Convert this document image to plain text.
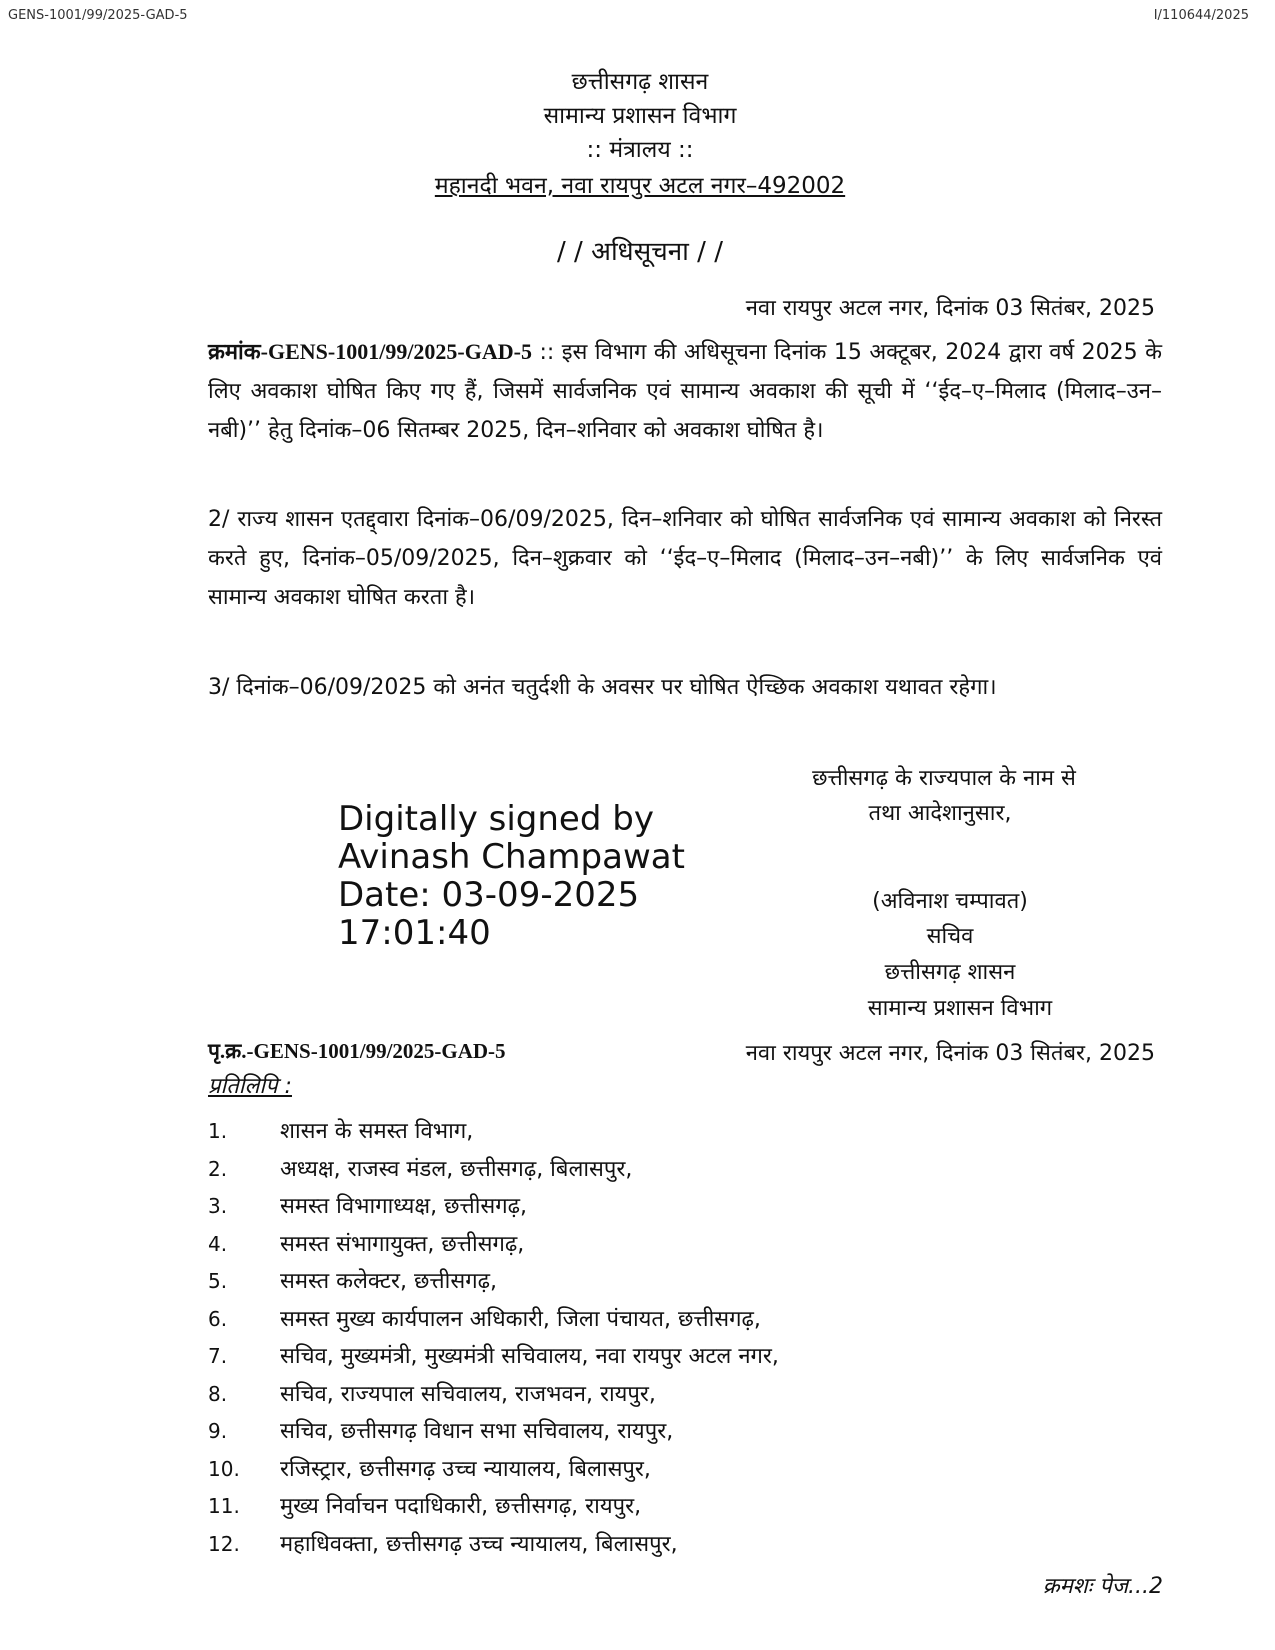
GENS-1001/99/2025-GAD-5	I/110644/2025
छत्तीसगढ़ शासन
सामान्य प्रशासन विभाग
:: मंत्रालय ::
महानदी भवन, नवा रायपुर अटल नगर–492002
/ / अधिसूचना / /
नवा रायपुर अटल नगर, दिनांक 03 सितंबर, 2025
क्रमांक-GENS-1001/99/2025-GAD-5 :: इस विभाग की अधिसूचना दिनांक 15 अक्टूबर, 2024 द्वारा वर्ष 2025 के लिए अवकाश घोषित किए गए हैं, जिसमें सार्वजनिक एवं सामान्य अवकाश की सूची में ‘‘ईद–ए–मिलाद (मिलाद–उन–नबी)’’ हेतु दिनांक–06 सितम्बर 2025, दिन–शनिवार को अवकाश घोषित है।
2/ राज्य शासन एतद्द्वारा दिनांक–06/09/2025, दिन–शनिवार को घोषित सार्वजनिक एवं सामान्य अवकाश को निरस्त करते हुए, दिनांक–05/09/2025, दिन–शुक्रवार को ‘‘ईद–ए–मिलाद (मिलाद–उन–नबी)’’ के लिए सार्वजनिक एवं सामान्य अवकाश घोषित करता है।
3/ दिनांक–06/09/2025 को अनंत चतुर्दशी के अवसर पर घोषित ऐच्छिक अवकाश यथावत रहेगा।
छत्तीसगढ़ के राज्यपाल के नाम से
तथा आदेशानुसार,
Digitally signed by
Avinash Champawat
Date: 03-09-2025
17:01:40
(अविनाश चम्पावत)
सचिव
छत्तीसगढ़ शासन
सामान्य प्रशासन विभाग
पृ.क्र.-GENS-1001/99/2025-GAD-5	नवा रायपुर अटल नगर, दिनांक 03 सितंबर, 2025
प्रतिलिपि :
1. शासन के समस्त विभाग,
2. अध्यक्ष, राजस्व मंडल, छत्तीसगढ़, बिलासपुर,
3. समस्त विभागाध्यक्ष, छत्तीसगढ़,
4. समस्त संभागायुक्त, छत्तीसगढ़,
5. समस्त कलेक्टर, छत्तीसगढ़,
6. समस्त मुख्य कार्यपालन अधिकारी, जिला पंचायत, छत्तीसगढ़,
7. सचिव, मुख्यमंत्री, मुख्यमंत्री सचिवालय, नवा रायपुर अटल नगर,
8. सचिव, राज्यपाल सचिवालय, राजभवन, रायपुर,
9. सचिव, छत्तीसगढ़ विधान सभा सचिवालय, रायपुर,
10. रजिस्ट्रार, छत्तीसगढ़ उच्च न्यायालय, बिलासपुर,
11. मुख्य निर्वाचन पदाधिकारी, छत्तीसगढ़, रायपुर,
12. महाधिवक्ता, छत्तीसगढ़ उच्च न्यायालय, बिलासपुर,
क्रमशः पेज...2
